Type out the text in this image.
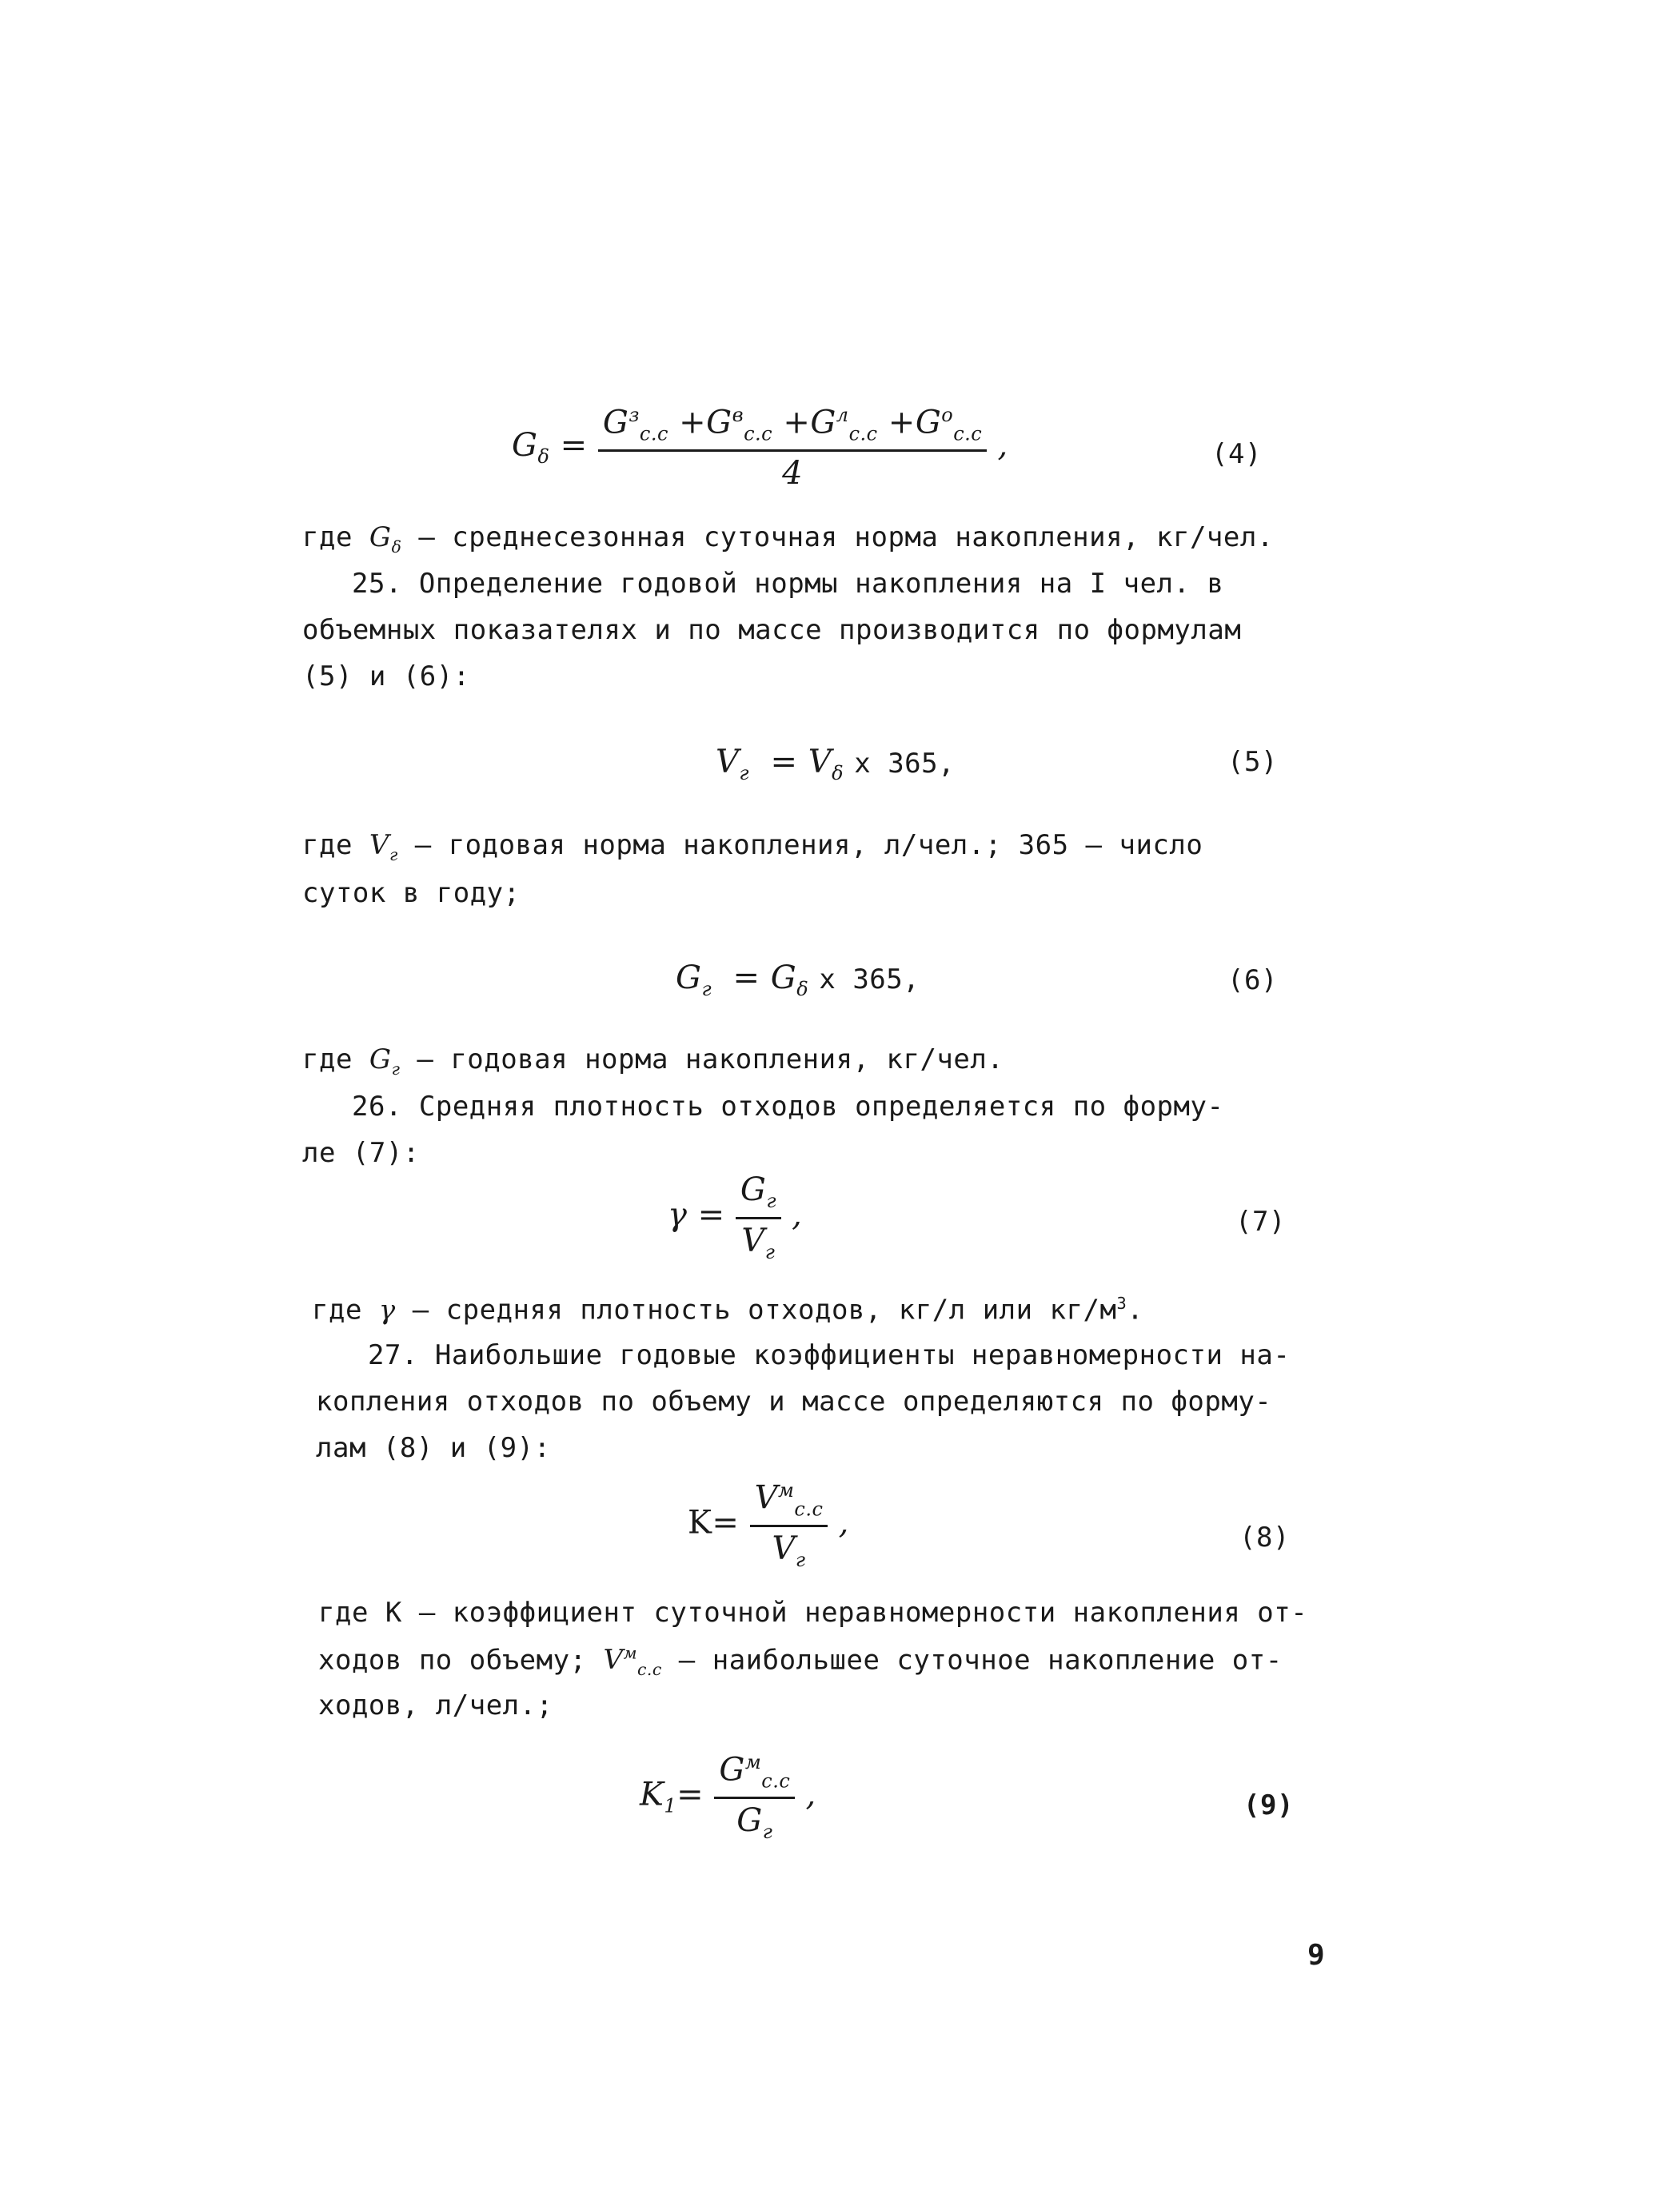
$G_\delta = \frac{G^з_{c.c} +G^в_{c.c} +G^л_{c.c} +G^о_{c.c}}{4}$ ,	(4)
где $G_\delta$ – среднесезонная суточная норма накопления, кг/чел.
25. Определение годовой нормы накопления на I чел. в
объемных показателях и по массе производится по формулам
(5) и (6):
$V_г = V_\delta$ x 365,	(5)
где $V_г$ – годовая норма накопления, л/чел.; 365 – число
суток в году;
$G_г = G_\delta$ x 365,	(6)
где $G_г$ – годовая норма накопления, кг/чел.
26. Средняя плотность отходов определяется по форму-
ле (7):
$\gamma = \frac{G_г}{V_г}$ ,	(7)
где γ – средняя плотность отходов, кг/л или $кг/м^3$.
27. Наибольшие годовые коэффициенты неравномерности на-
копления отходов по объему и массе определяются по форму-
лам (8) и (9):
$K= \frac{V^м_{c.c}}{V_г}$ ,	(8)
где К – коэффициент суточной неравномерности накопления от-
ходов по объему; $V^м_{c.c}$ – наибольшее суточное накопление от-
ходов, л/чел.;
$K_1= \frac{G^м_{c.c}}{G_г}$ ,	(9)
9
